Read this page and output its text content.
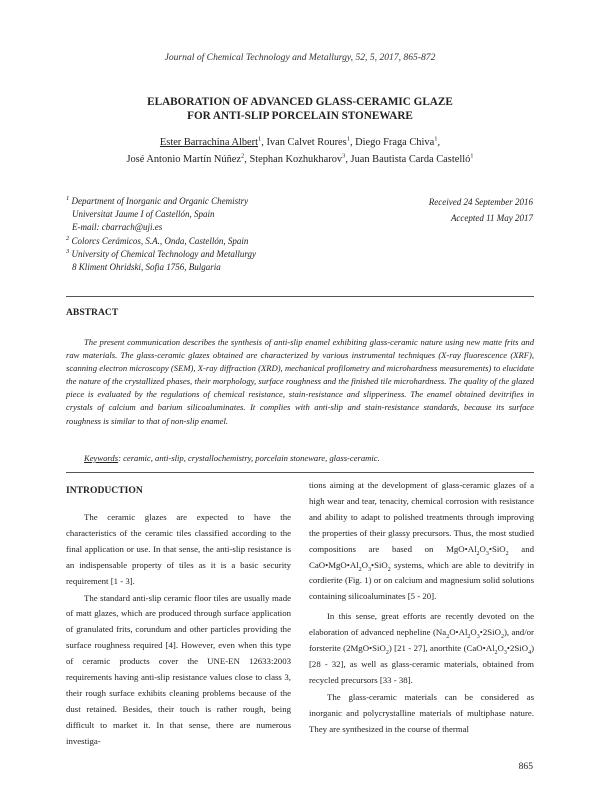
Journal of Chemical Technology and Metallurgy, 52, 5, 2017, 865-872
ELABORATION OF ADVANCED GLASS-CERAMIC GLAZE
FOR ANTI-SLIP PORCELAIN STONEWARE
Ester Barrachina Albert$^1$, Ivan Calvet Roures$^1$, Diego Fraga Chiva$^1$,
José Antonio Martín Núñez$^2$, Stephan Kozhukharov$^3$, Juan Bautista Carda Castelló$^1$
$^1$ Department of Inorganic and Organic Chemistry
Universitat Jaume I of Castellón, Spain
E-mail: cbarrach@uji.es
$^2$ Colorcs Cerámicos, S.A., Onda, Castellón, Spain
$^3$ University of Chemical Technology and Metallurgy
8 Kliment Ohridski, Sofia 1756, Bulgaria
Received 24 September 2016
Accepted 11 May 2017
ABSTRACT
The present communication describes the synthesis of anti-slip enamel exhibiting glass-ceramic nature using new matte frits and raw materials. The glass-ceramic glazes obtained are characterized by various instrumental techniques (X-ray fluorescence (XRF), scanning electron microscopy (SEM), X-ray diffraction (XRD), mechanical profilometry and microhardness measurements) to elucidate the nature of the crystallized phases, their morphology, surface roughness and the finished tile microhardness. The quality of the glazed piece is evaluated by the regulations of chemical resistance, stain-resistance and slipperiness. The enamel obtained devitrifies in crystals of calcium and barium silicoaluminates. It complies with anti-slip and stain-resistance standards, because its surface roughness is similar to that of non-slip enamel.
Keywords: ceramic, anti-slip, crystallochemistry, porcelain stoneware, glass-ceramic.
INTRODUCTION

The ceramic glazes are expected to have the characteristics of the ceramic tiles classified according to the final application or use. In that sense, the anti-slip resistance is an indispensable property of tiles as it is a basic security requirement [1 - 3].

The standard anti-slip ceramic floor tiles are usually made of matt glazes, which are produced through surface application of granulated frits, corundum and other particles providing the surface roughness required [4]. However, even when this type of ceramic products cover the UNE-EN 12633:2003 requirements having anti-slip resistance values close to class 3, their rough surface exhibits cleaning problems because of the dust retained. Besides, their touch is rather rough, being difficult to market it. In that sense, there are numerous investiga-

tions aiming at the development of glass-ceramic glazes of a high wear and tear, tenacity, chemical corrosion with resistance and ability to adapt to polished treatments through improving the properties of their glassy precursors. Thus, the most studied compositions are based on $MgO•Al_2O_3•SiO_2$ and $CaO•MgO•Al_2O_3•SiO_2$ systems, which are able to devitrify in cordierite (Fig. 1) or on calcium and magnesium solid solutions containing silicoaluminates [5 - 20].

In this sense, great efforts are recently devoted on the elaboration of advanced nepheline $(Na_2O•Al_2O_3•2SiO_2)$, and/or forsterite (2MgO•SiO$_2$) [21 - 27], anorthite $(CaO•Al_2O_3•2SiO_4)$ [28 - 32], as well as glass-ceramic materials, obtained from recycled precursors [33 - 38].

The glass-ceramic materials can be considered as inorganic and polycrystalline materials of multiphase nature. They are synthesized in the course of thermal

865
